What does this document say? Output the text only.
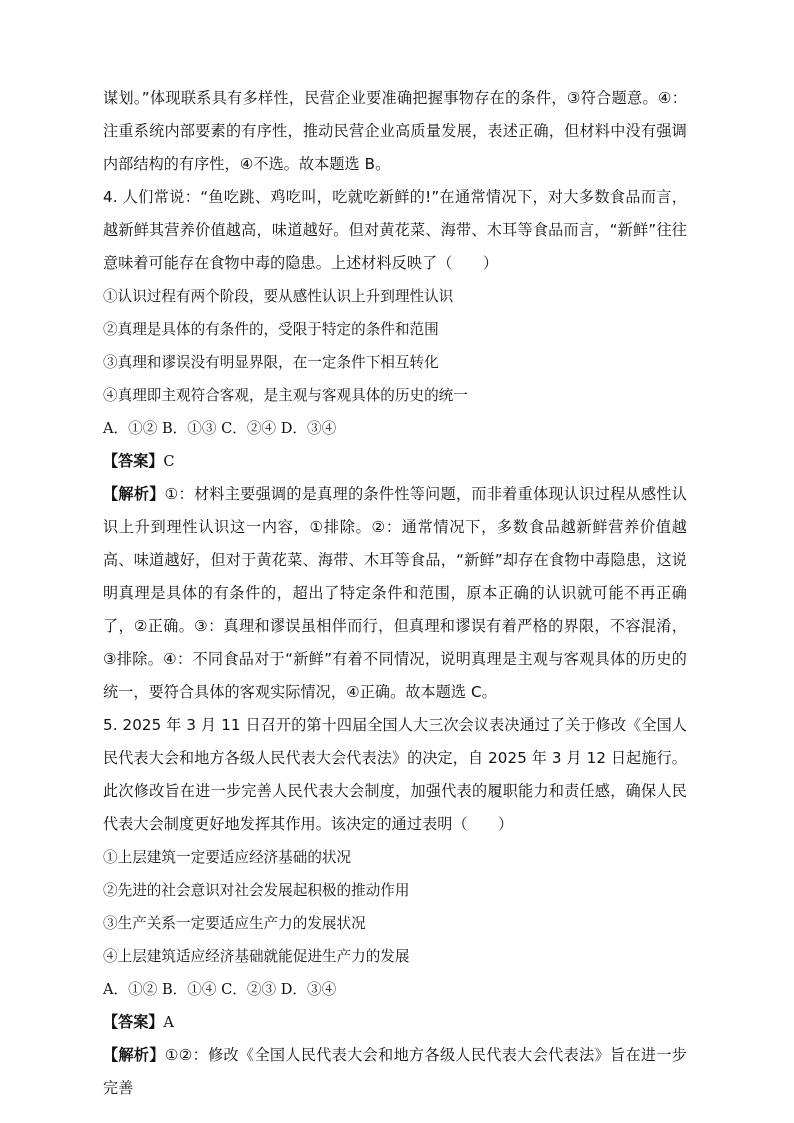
谋划。”体现联系具有多样性，民营企业要准确把握事物存在的条件，③符合题意。④：注重系统内部要素的有序性，推动民营企业高质量发展，表述正确，但材料中没有强调内部结构的有序性，④不选。故本题选 B。

4. 人们常说：“鱼吃跳、鸡吃叫，吃就吃新鲜的!”在通常情况下，对大多数食品而言，越新鲜其营养价值越高，味道越好。但对黄花菜、海带、木耳等食品而言，“新鲜”往往意味着可能存在食物中毒的隐患。上述材料反映了（　　）

①认识过程有两个阶段，要从感性认识上升到理性认识

②真理是具体的有条件的，受限于特定的条件和范围

③真理和谬误没有明显界限，在一定条件下相互转化

④真理即主观符合客观，是主观与客观具体的历史的统一

A．①② B．①③ C．②④ D．③④

【答案】C

【解析】①：材料主要强调的是真理的条件性等问题，而非着重体现认识过程从感性认识上升到理性认识这一内容，①排除。②：通常情况下，多数食品越新鲜营养价值越高、味道越好，但对于黄花菜、海带、木耳等食品，“新鲜”却存在食物中毒隐患，这说明真理是具体的有条件的，超出了特定条件和范围，原本正确的认识就可能不再正确了，②正确。③：真理和谬误虽相伴而行，但真理和谬误有着严格的界限，不容混淆，③排除。④：不同食品对于“新鲜”有着不同情况，说明真理是主观与客观具体的历史的统一，要符合具体的客观实际情况，④正确。故本题选 C。

5. 2025 年 3 月 11 日召开的第十四届全国人大三次会议表决通过了关于修改《全国人民代表大会和地方各级人民代表大会代表法》的决定，自 2025 年 3 月 12 日起施行。此次修改旨在进一步完善人民代表大会制度，加强代表的履职能力和责任感，确保人民代表大会制度更好地发挥其作用。该决定的通过表明（　　）

①上层建筑一定要适应经济基础的状况

②先进的社会意识对社会发展起积极的推动作用

③生产关系一定要适应生产力的发展状况

④上层建筑适应经济基础就能促进生产力的发展

A．①② B．①④ C．②③ D．③④

【答案】A

【解析】①②：修改《全国人民代表大会和地方各级人民代表大会代表法》旨在进一步完善
